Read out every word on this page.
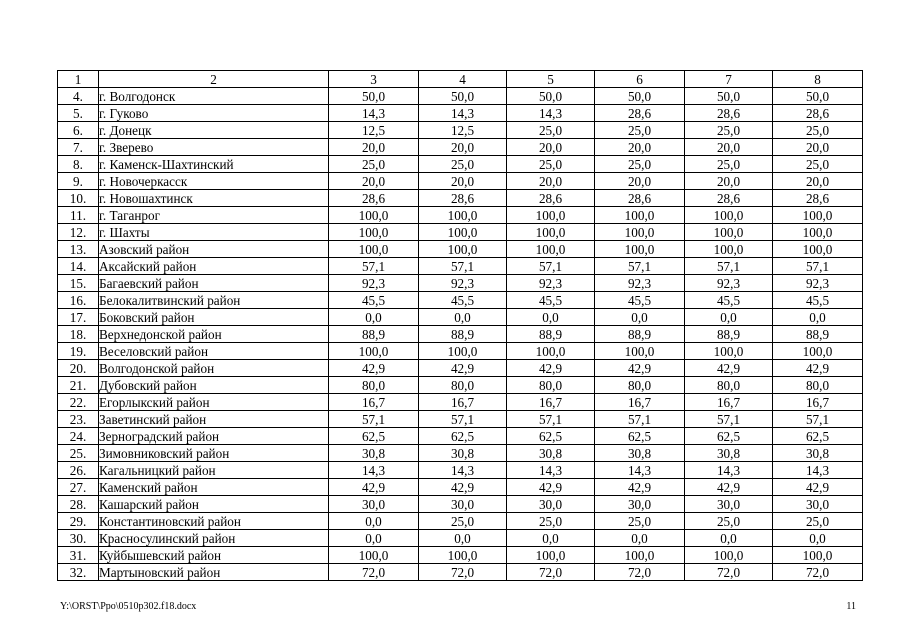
1	2	3	4	5	6	7	8
4.	г. Волгодонск	50,0	50,0	50,0	50,0	50,0	50,0
5.	г. Гуково	14,3	14,3	14,3	28,6	28,6	28,6
6.	г. Донецк	12,5	12,5	25,0	25,0	25,0	25,0
7.	г. Зверево	20,0	20,0	20,0	20,0	20,0	20,0
8.	г. Каменск-Шахтинский	25,0	25,0	25,0	25,0	25,0	25,0
9.	г. Новочеркасск	20,0	20,0	20,0	20,0	20,0	20,0
10.	г. Новошахтинск	28,6	28,6	28,6	28,6	28,6	28,6
11.	г. Таганрог	100,0	100,0	100,0	100,0	100,0	100,0
12.	г. Шахты	100,0	100,0	100,0	100,0	100,0	100,0
13.	Азовский район	100,0	100,0	100,0	100,0	100,0	100,0
14.	Аксайский район	57,1	57,1	57,1	57,1	57,1	57,1
15.	Багаевский район	92,3	92,3	92,3	92,3	92,3	92,3
16.	Белокалитвинский район	45,5	45,5	45,5	45,5	45,5	45,5
17.	Боковский район	0,0	0,0	0,0	0,0	0,0	0,0
18.	Верхнедонской район	88,9	88,9	88,9	88,9	88,9	88,9
19.	Веселовский район	100,0	100,0	100,0	100,0	100,0	100,0
20.	Волгодонской район	42,9	42,9	42,9	42,9	42,9	42,9
21.	Дубовский район	80,0	80,0	80,0	80,0	80,0	80,0
22.	Егорлыкский район	16,7	16,7	16,7	16,7	16,7	16,7
23.	Заветинский район	57,1	57,1	57,1	57,1	57,1	57,1
24.	Зерноградский район	62,5	62,5	62,5	62,5	62,5	62,5
25.	Зимовниковский район	30,8	30,8	30,8	30,8	30,8	30,8
26.	Кагальницкий район	14,3	14,3	14,3	14,3	14,3	14,3
27.	Каменский район	42,9	42,9	42,9	42,9	42,9	42,9
28.	Кашарский район	30,0	30,0	30,0	30,0	30,0	30,0
29.	Константиновский район	0,0	25,0	25,0	25,0	25,0	25,0
30.	Красносулинский район	0,0	0,0	0,0	0,0	0,0	0,0
31.	Куйбышевский район	100,0	100,0	100,0	100,0	100,0	100,0
32.	Мартыновский район	72,0	72,0	72,0	72,0	72,0	72,0
Y:\ORST\Ppo\0510p302.f18.docx	11
